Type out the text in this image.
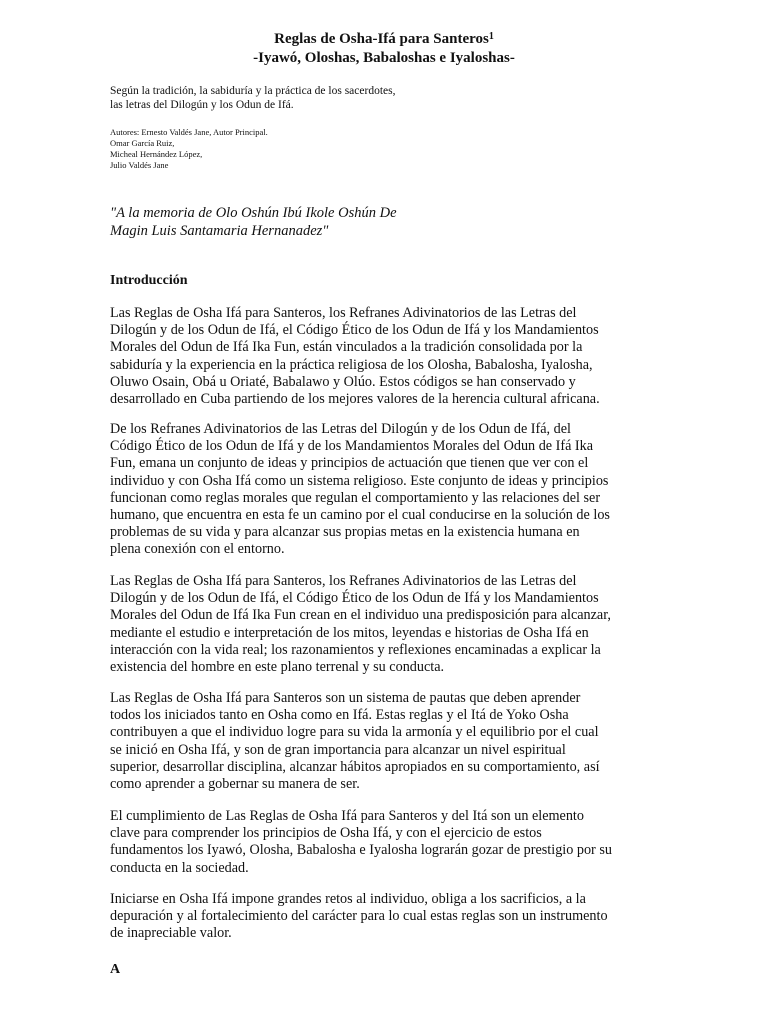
Reglas de Osha-Ifá para Santeros$^1$
-Iyawó, Oloshas, Babaloshas e Iyaloshas-
Según la tradición, la sabiduría y la práctica de los sacerdotes,
las letras del Dilogún y los Odun de Ifá.
Autores: Ernesto Valdés Jane, Autor Principal.
Omar García Ruiz,
Micheal Hernández López,
Julio Valdés Jane
"A la memoria de Olo Oshún Ibú Ikole Oshún De
Magin Luis Santamaria Hernanadez"
Introducción
Las Reglas de Osha Ifá para Santeros, los Refranes Adivinatorios de las Letras del
Dilogún y de los Odun de Ifá, el Código Ético de los Odun de Ifá y los Mandamientos
Morales del Odun de Ifá Ika Fun, están vinculados a la tradición consolidada por la
sabiduría y la experiencia en la práctica religiosa de los Olosha, Babalosha, Iyalosha,
Oluwo Osain, Obá u Oriaté, Babalawo y Olúo. Estos códigos se han conservado y
desarrollado en Cuba partiendo de los mejores valores de la herencia cultural africana.
De los Refranes Adivinatorios de las Letras del Dilogún y de los Odun de Ifá, del
Código Ético de los Odun de Ifá y de los Mandamientos Morales del Odun de Ifá Ika
Fun, emana un conjunto de ideas y principios de actuación que tienen que ver con el
individuo y con Osha Ifá como un sistema religioso. Este conjunto de ideas y principios
funcionan como reglas morales que regulan el comportamiento y las relaciones del ser
humano, que encuentra en esta fe un camino por el cual conducirse en la solución de los
problemas de su vida y para alcanzar sus propias metas en la existencia humana en
plena conexión con el entorno.
Las Reglas de Osha Ifá para Santeros, los Refranes Adivinatorios de las Letras del
Dilogún y de los Odun de Ifá, el Código Ético de los Odun de Ifá y los Mandamientos
Morales del Odun de Ifá Ika Fun crean en el individuo una predisposición para alcanzar,
mediante el estudio e interpretación de los mitos, leyendas e historias de Osha Ifá en
interacción con la vida real; los razonamientos y reflexiones encaminadas a explicar la
existencia del hombre en este plano terrenal y su conducta.
Las Reglas de Osha Ifá para Santeros son un sistema de pautas que deben aprender
todos los iniciados tanto en Osha como en Ifá. Estas reglas y el Itá de Yoko Osha
contribuyen a que el individuo logre para su vida la armonía y el equilibrio por el cual
se inició en Osha Ifá, y son de gran importancia para alcanzar un nivel espiritual
superior, desarrollar disciplina, alcanzar hábitos apropiados en su comportamiento, así
como aprender a gobernar su manera de ser.
El cumplimiento de Las Reglas de Osha Ifá para Santeros y del Itá son un elemento
clave para comprender los principios de Osha Ifá, y con el ejercicio de estos
fundamentos los Iyawó, Olosha, Babalosha e Iyalosha lograrán gozar de prestigio por su
conducta en la sociedad.
Iniciarse en Osha Ifá impone grandes retos al individuo, obliga a los sacrificios, a la
depuración y al fortalecimiento del carácter para lo cual estas reglas son un instrumento
de inapreciable valor.
A
